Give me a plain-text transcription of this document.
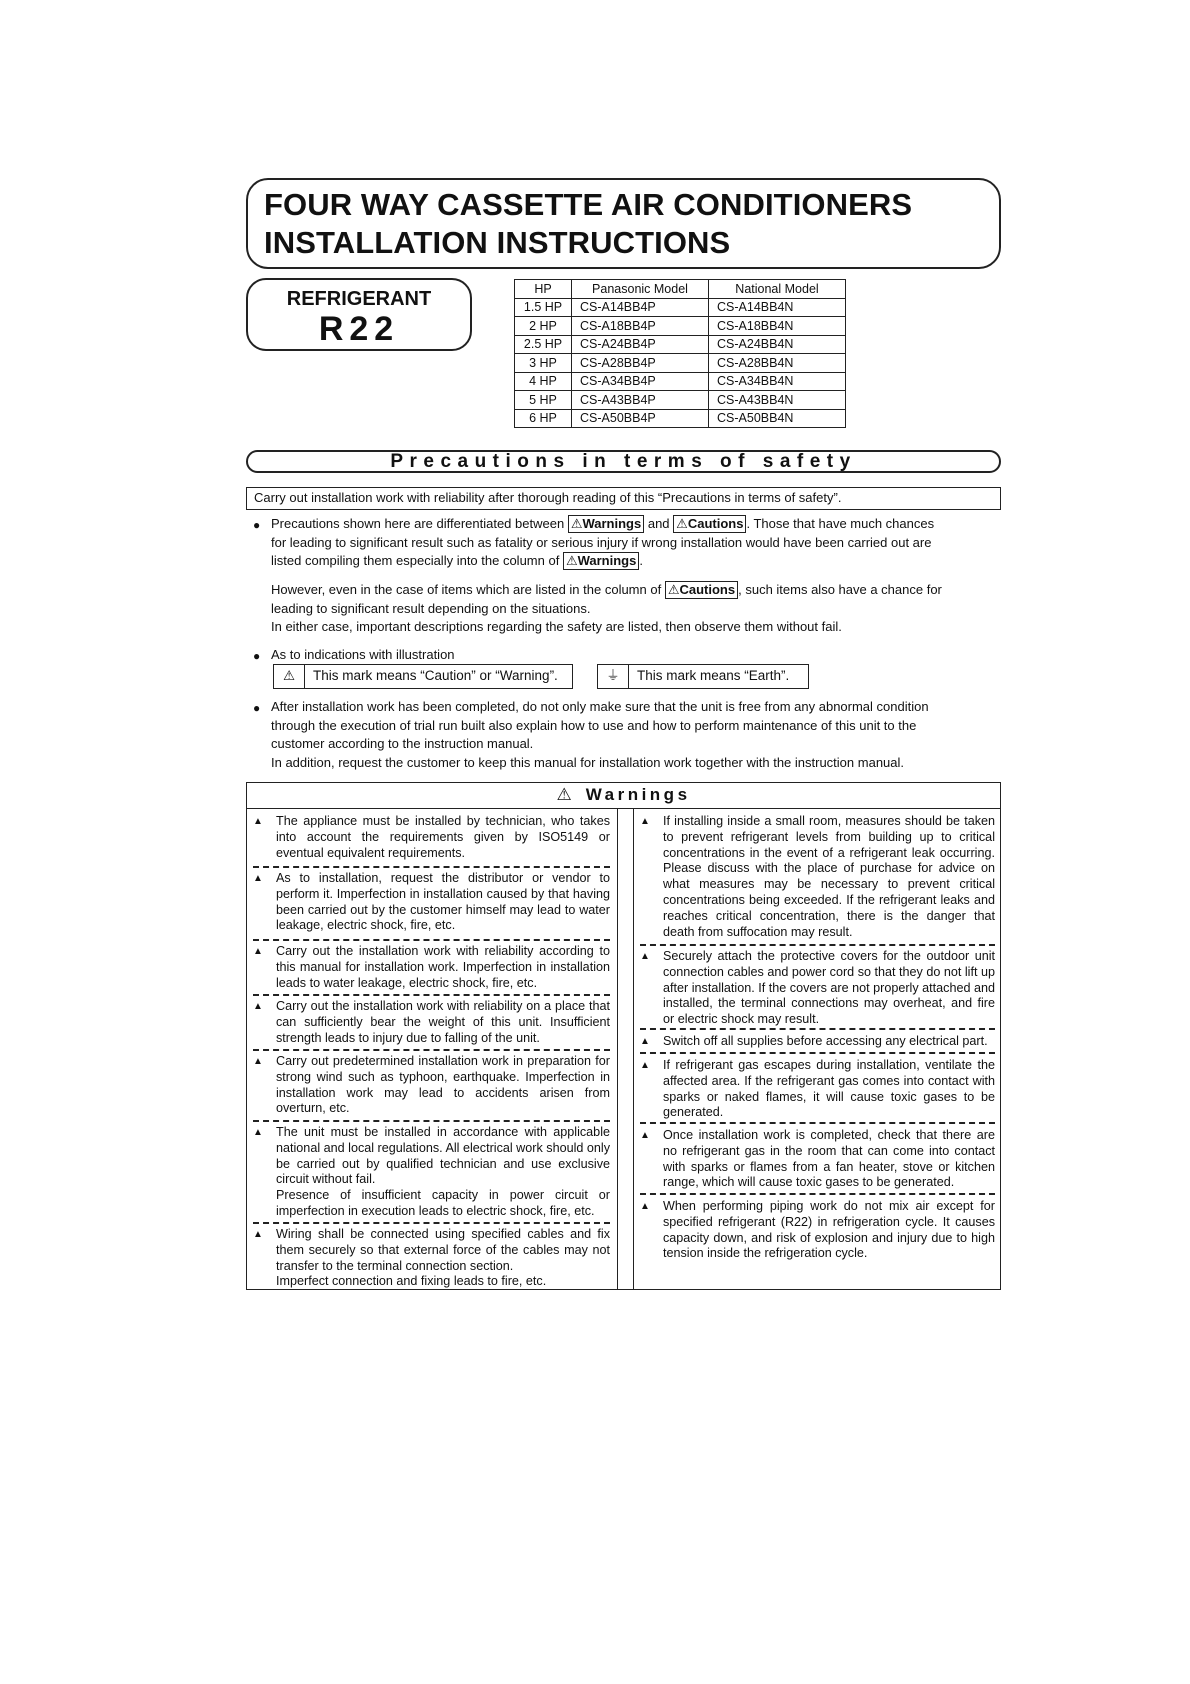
FOUR WAY CASSETTE AIR CONDITIONERS
INSTALLATION INSTRUCTIONS
REFRIGERANT
R22
HP	Panasonic Model	National Model
1.5 HP	CS-A14BB4P	CS-A14BB4N
2 HP	CS-A18BB4P	CS-A18BB4N
2.5 HP	CS-A24BB4P	CS-A24BB4N
3 HP	CS-A28BB4P	CS-A28BB4N
4 HP	CS-A34BB4P	CS-A34BB4N
5 HP	CS-A43BB4P	CS-A43BB4N
6 HP	CS-A50BB4P	CS-A50BB4N
Precautions in terms of safety
Carry out installation work with reliability after thorough reading of this “Precautions in terms of safety”.
● Precautions shown here are differentiated between ⚠Warnings and ⚠Cautions . Those that have much chances
for leading to significant result such as fatality or serious injury if wrong installation would have been carried out are
listed compiling them especially into the column of ⚠Warnings .
However, even in the case of items which are listed in the column of ⚠Cautions , such items also have a chance for
leading to significant result depending on the situations.
In either case, important descriptions regarding the safety are listed, then observe them without fail.
● As to indications with illustration
⚠	This mark means “Caution” or “Warning”.	⏚	This mark means “Earth”.
● After installation work has been completed, do not only make sure that the unit is free from any abnormal condition
through the execution of trial run built also explain how to use and how to perform maintenance of this unit to the
customer according to the instruction manual.
In addition, request the customer to keep this manual for installation work together with the instruction manual.
⚠ Warnings
▲ The appliance must be installed by technician, who takes into account the requirements given by ISO5149 or eventual equivalent requirements.
▲ As to installation, request the distributor or vendor to perform it. Imperfection in installation caused by that having been carried out by the customer himself may lead to water leakage, electric shock, fire, etc.
▲ Carry out the installation work with reliability according to this manual for installation work. Imperfection in installation leads to water leakage, electric shock, fire, etc.
▲ Carry out the installation work with reliability on a place that can sufficiently bear the weight of this unit. Insufficient strength leads to injury due to falling of the unit.
▲ Carry out predetermined installation work in preparation for strong wind such as typhoon, earthquake. Imperfection in installation work may lead to accidents arisen from overturn, etc.
▲ The unit must be installed in accordance with applicable national and local regulations. All electrical work should only be carried out by qualified technician and use exclusive circuit without fail.
Presence of insufficient capacity in power circuit or imperfection in execution leads to electric shock, fire, etc.
▲ Wiring shall be connected using specified cables and fix them securely so that external force of the cables may not transfer to the terminal connection section.
Imperfect connection and fixing leads to fire, etc.
▲ If installing inside a small room, measures should be taken to prevent refrigerant levels from building up to critical concentrations in the event of a refrigerant leak occurring. Please discuss with the place of purchase for advice on what measures may be necessary to prevent critical concentrations being exceeded. If the refrigerant leaks and reaches critical concentration, there is the danger that death from suffocation may result.
▲ Securely attach the protective covers for the outdoor unit connection cables and power cord so that they do not lift up after installation. If the covers are not properly attached and installed, the terminal connections may overheat, and fire or electric shock may result.
▲ Switch off all supplies before accessing any electrical part.
▲ If refrigerant gas escapes during installation, ventilate the affected area. If the refrigerant gas comes into contact with sparks or naked flames, it will cause toxic gases to be generated.
▲ Once installation work is completed, check that there are no refrigerant gas in the room that can come into contact with sparks or flames from a fan heater, stove or kitchen range, which will cause toxic gases to be generated.
▲ When performing piping work do not mix air except for specified refrigerant (R22) in refrigeration cycle. It causes capacity down, and risk of explosion and injury due to high tension inside the refrigeration cycle.
